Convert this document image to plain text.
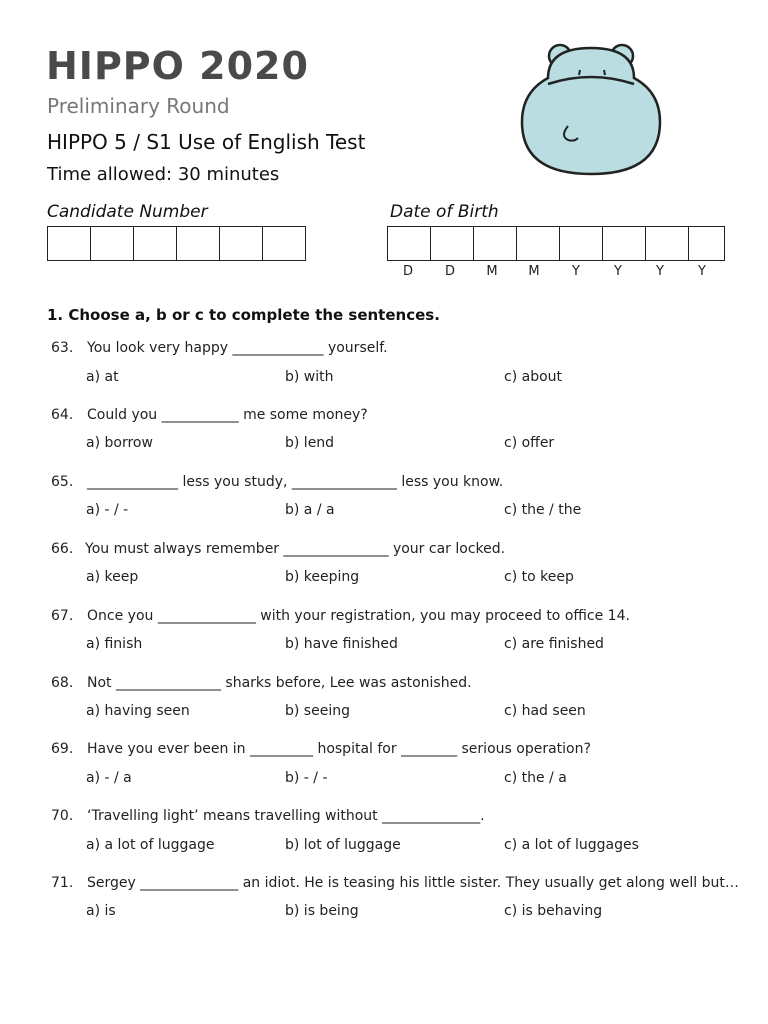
HIPPO 2020
Preliminary Round
HIPPO 5 / S1 Use of English Test
Time allowed: 30 minutes
Candidate Number	Date of Birth
D	D	M	M	Y	Y	Y	Y
1. Choose a, b or c to complete the sentences.
63. You look very happy _____________ yourself.
a) at	b) with	c) about
64. Could you ___________ me some money?
a) borrow	b) lend	c) offer
65. _____________ less you study, _______________ less you know.
a) - / -	b) a / a	c) the / the
66. You must always remember _______________ your car locked.
a) keep	b) keeping	c) to keep
67. Once you ______________ with your registration, you may proceed to office 14.
a) finish	b) have finished	c) are finished
68. Not _______________ sharks before, Lee was astonished.
a) having seen	b) seeing	c) had seen
69. Have you ever been in _________ hospital for ________ serious operation?
a) - / a	b) - / -	c) the / a
70. ‘Travelling light’ means travelling without ______________.
a) a lot of luggage	b) lot of luggage	c) a lot of luggages
71. Sergey ______________ an idiot. He is teasing his little sister. They usually get along well but…
a) is	b) is being	c) is behaving
